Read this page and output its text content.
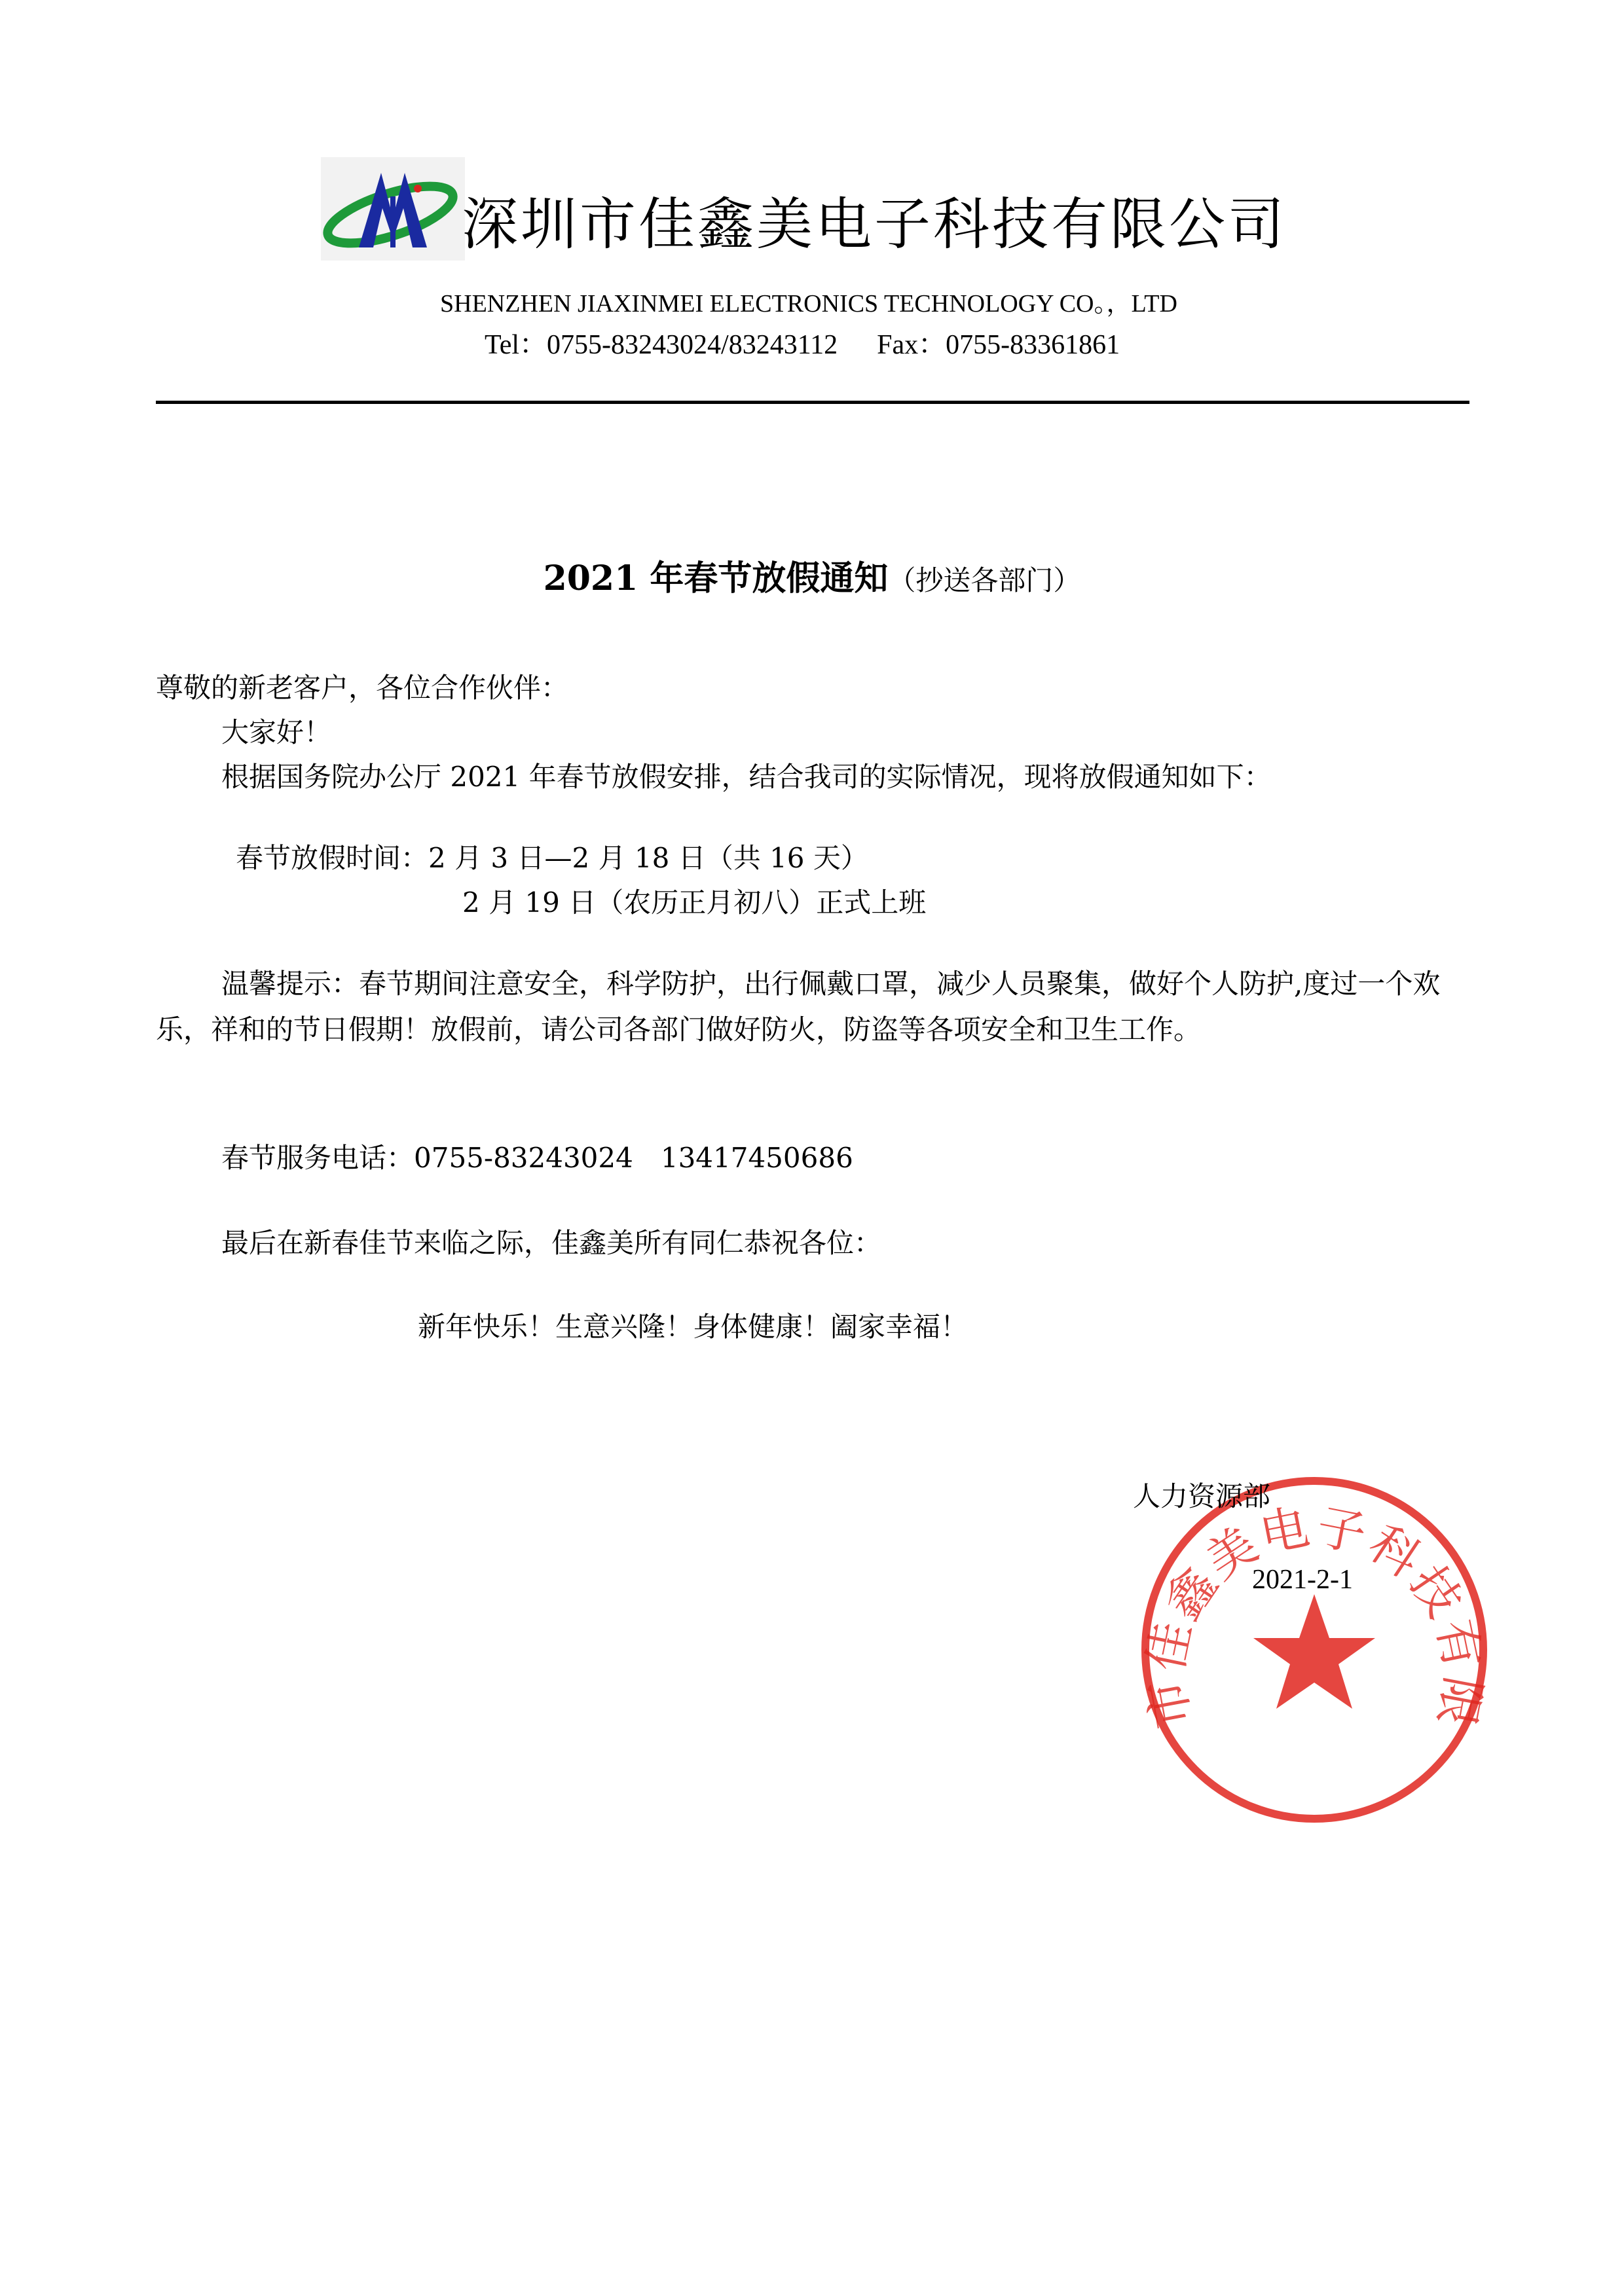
深圳市佳鑫美电子科技有限公司
SHENZHEN JIAXINMEI ELECTRONICS TECHNOLOGY CO。，LTD
Tel：0755-83243024/83243112 Fax：0755-83361861
2021 年春节放假通知（抄送各部门）
尊敬的新老客户，各位合作伙伴：
大家好！
根据国务院办公厅 2021 年春节放假安排，结合我司的实际情况，现将放假通知如下：
春节放假时间：2 月 3 日—2 月 18 日（共 16 天）
2 月 19 日（农历正月初八）正式上班
温馨提示：春节期间注意安全，科学防护，出行佩戴口罩，减少人员聚集，做好个人防护,度过一个欢乐，祥和的节日假期！放假前，请公司各部门做好防火，防盗等各项安全和卫生工作。
春节服务电话：0755-83243024　13417450686
最后在新春佳节来临之际，佳鑫美所有同仁恭祝各位：
新年快乐！生意兴隆！身体健康！阖家幸福！
市佳鑫美电子科技有限
人力资源部
2021-2-1
